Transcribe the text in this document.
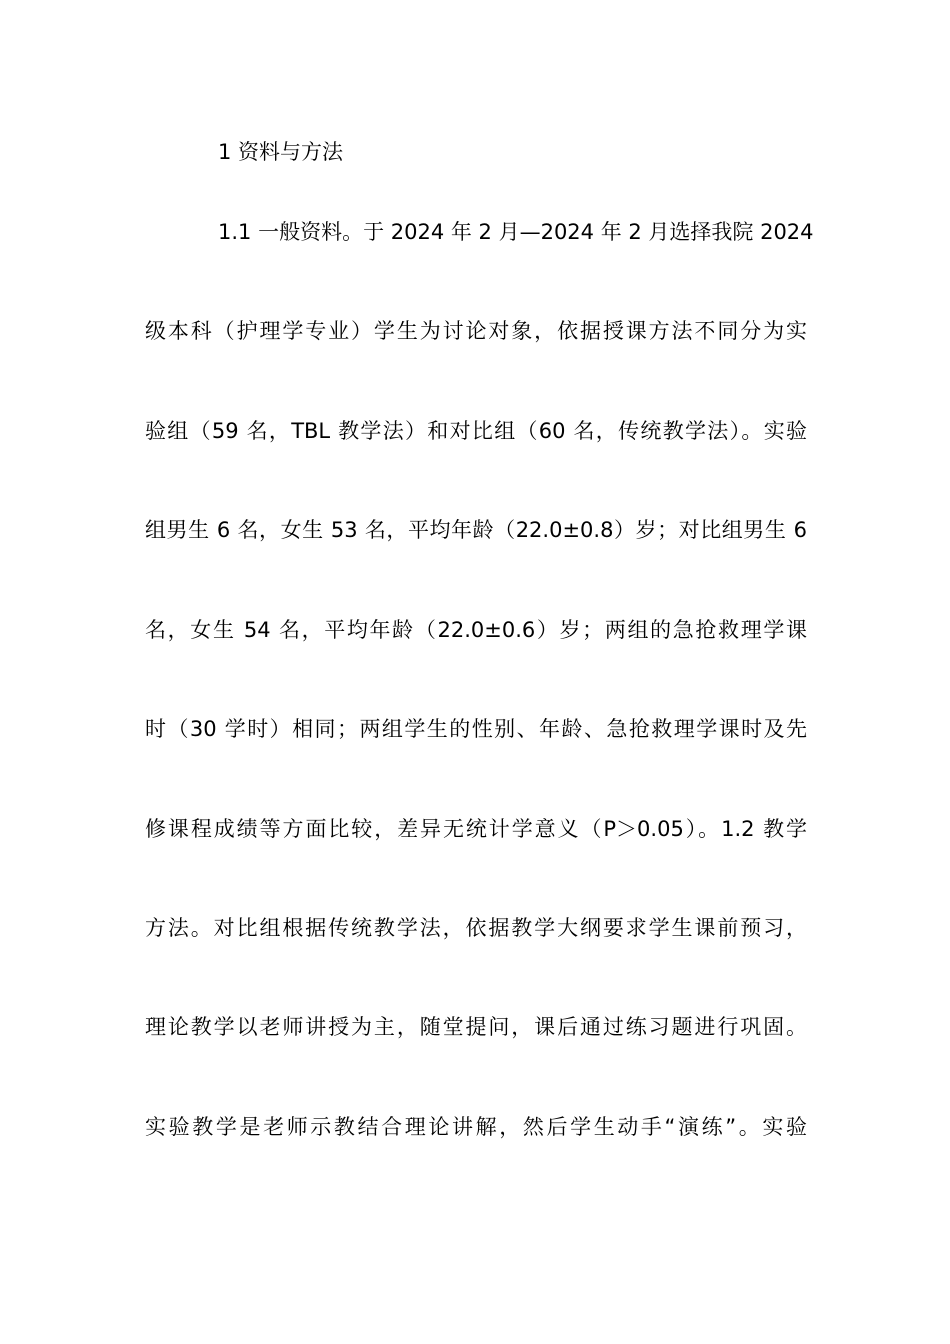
1 资料与方法
1.1 一般资料。于 2024 年 2 月—2024 年 2 月选择我院 2024
级本科（护理学专业）学生为讨论对象，依据授课方法不同分为实
验组（59 名，TBL 教学法）和对比组（60 名，传统教学法）。实验
组男生 6 名，女生 53 名，平均年龄（22.0±0.8）岁；对比组男生 6
名，女生 54 名，平均年龄（22.0±0.6）岁；两组的急抢救理学课
时（30 学时）相同；两组学生的性别、年龄、急抢救理学课时及先
修课程成绩等方面比较，差异无统计学意义（P＞0.05）。1.2 教学
方法。对比组根据传统教学法，依据教学大纲要求学生课前预习，
理论教学以老师讲授为主，随堂提问，课后通过练习题进行巩固。
实验教学是老师示教结合理论讲解，然后学生动手“演练”。实验
